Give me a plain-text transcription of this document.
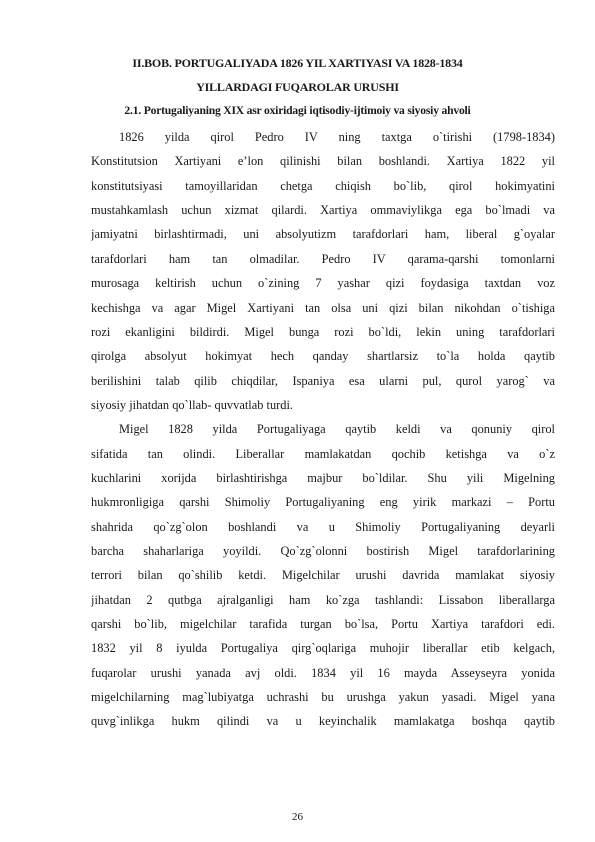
II.BOB. PORTUGALIYADA 1826 YIL XARTIYASI VA 1828-1834
YILLARDAGI FUQAROLAR URUSHI
2.1. Portugaliyaning XIX asr oxiridagi iqtisodiy-ijtimoiy va siyosiy ahvoli
1826 yilda qirol Pedro IV ning taxtga o`tirishi (1798-1834)
Konstitutsion Xartiyani e’lon qilinishi bilan boshlandi. Xartiya 1822 yil
konstitutsiyasi tamoyillaridan chetga chiqish bo`lib, qirol hokimyatini
mustahkamlash uchun xizmat qilardi. Xartiya ommaviylikga ega bo`lmadi va
jamiyatni birlashtirmadi, uni absolyutizm tarafdorlari ham, liberal g`oyalar
tarafdorlari ham tan olmadilar. Pedro IV qarama-qarshi tomonlarni
murosaga keltirish uchun o`zining 7 yashar qizi foydasiga taxtdan voz
kechishga va agar Migel Xartiyani tan olsa uni qizi bilan nikohdan o`tishiga
rozi ekanligini bildirdi. Migel bunga rozi bo`ldi, lekin uning tarafdorlari
qirolga absolyut hokimyat hech qanday shartlarsiz to`la holda qaytib
berilishini talab qilib chiqdilar, Ispaniya esa ularni pul, qurol yarog` va
siyosiy jihatdan qo`llab- quvvatlab turdi.
Migel 1828 yilda Portugaliyaga qaytib keldi va qonuniy qirol
sifatida tan olindi. Liberallar mamlakatdan qochib ketishga va o`z
kuchlarini xorijda birlashtirishga majbur bo`ldilar. Shu yili Migelning
hukmronligiga qarshi Shimoliy Portugaliyaning eng yirik markazi – Portu
shahrida qo`zg`olon boshlandi va u Shimoliy Portugaliyaning deyarli
barcha shaharlariga yoyildi. Qo`zg`olonni bostirish Migel tarafdorlarining
terrori bilan qo`shilib ketdi. Migelchilar urushi davrida mamlakat siyosiy
jihatdan 2 qutbga ajralganligi ham ko`zga tashlandi: Lissabon liberallarga
qarshi bo`lib, migelchilar tarafida turgan bo`lsa, Portu Xartiya tarafdori edi.
1832 yil 8 iyulda Portugaliya qirg`oqlariga muhojir liberallar etib kelgach,
fuqarolar urushi yanada avj oldi. 1834 yil 16 mayda Asseyseyra yonida
migelchilarning mag`lubiyatga uchrashi bu urushga yakun yasadi. Migel yana
quvg`inlikga hukm qilindi va u keyinchalik mamlakatga boshqa qaytib
26
